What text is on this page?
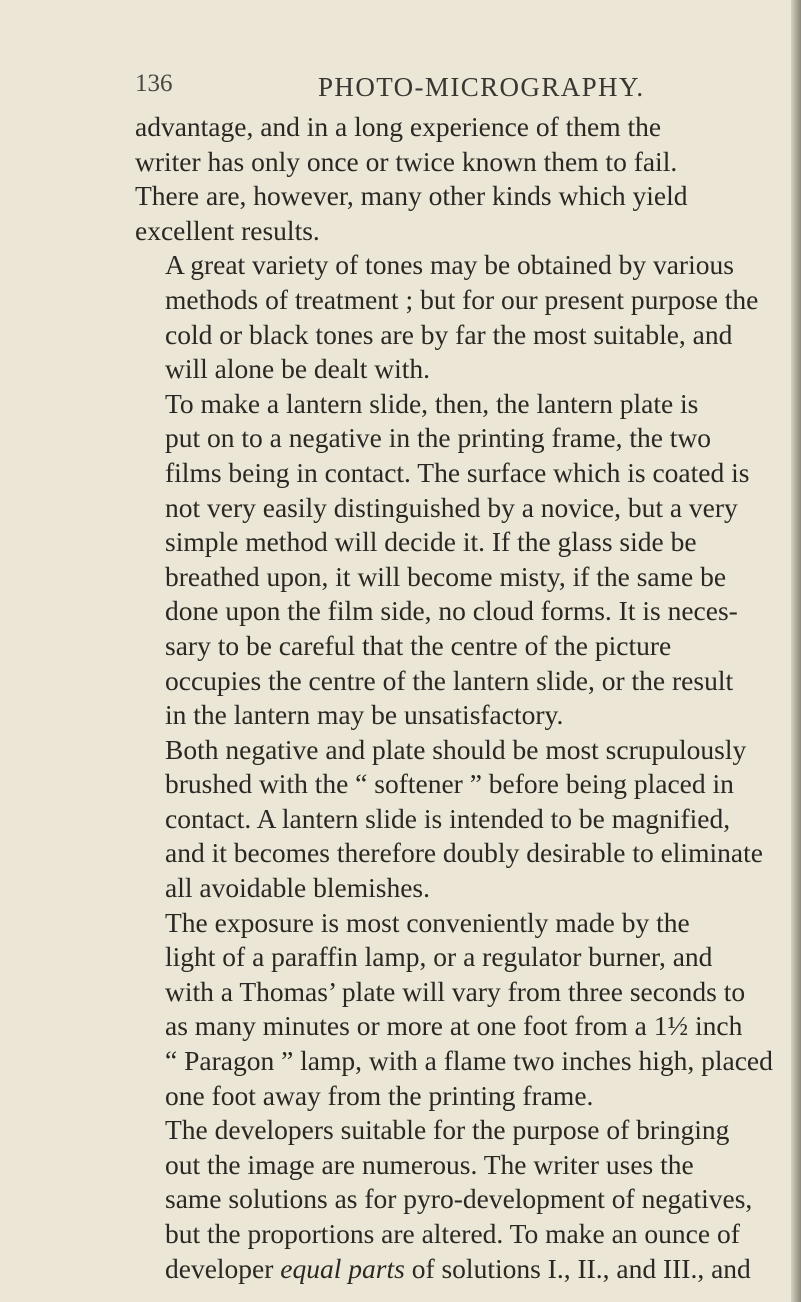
136	PHOTO-MICROGRAPHY.

advantage, and in a long experience of them the
writer has only once or twice known them to fail.
There are, however, many other kinds which yield
excellent results.

A great variety of tones may be obtained by various
methods of treatment ; but for our present purpose the
cold or black tones are by far the most suitable, and
will alone be dealt with.

To make a lantern slide, then, the lantern plate is
put on to a negative in the printing frame, the two
films being in contact. The surface which is coated is
not very easily distinguished by a novice, but a very
simple method will decide it. If the glass side be
breathed upon, it will become misty, if the same be
done upon the film side, no cloud forms. It is neces-
sary to be careful that the centre of the picture
occupies the centre of the lantern slide, or the result
in the lantern may be unsatisfactory.

Both negative and plate should be most scrupulously
brushed with the “ softener ” before being placed in
contact. A lantern slide is intended to be magnified,
and it becomes therefore doubly desirable to eliminate
all avoidable blemishes.

The exposure is most conveniently made by the
light of a paraffin lamp, or a regulator burner, and
with a Thomas’ plate will vary from three seconds to
as many minutes or more at one foot from a 1½ inch
“ Paragon ” lamp, with a flame two inches high, placed
one foot away from the printing frame.

The developers suitable for the purpose of bringing
out the image are numerous. The writer uses the
same solutions as for pyro-development of negatives,
but the proportions are altered. To make an ounce of
developer equal parts of solutions I., II., and III., and
